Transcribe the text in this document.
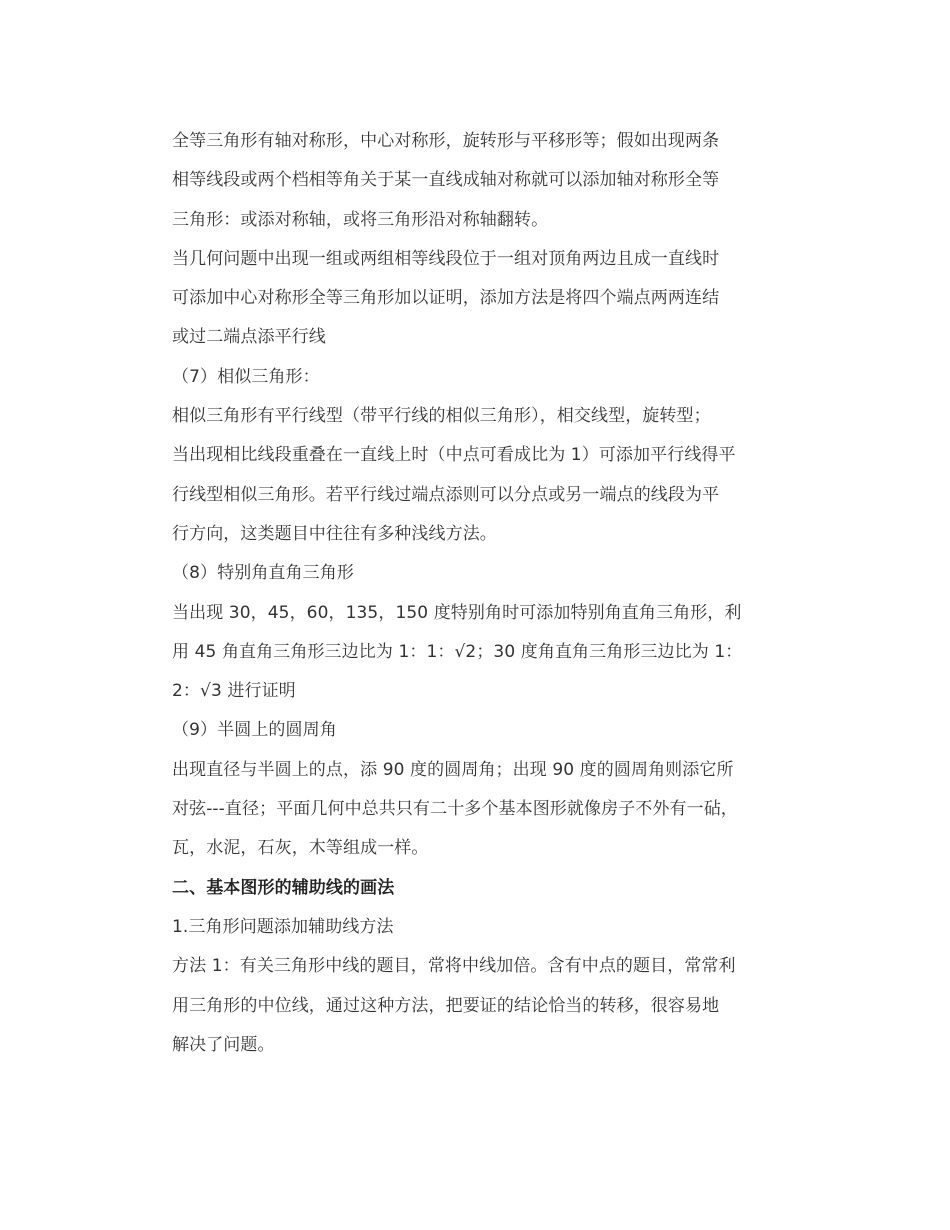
全等三角形有轴对称形，中心对称形，旋转形与平移形等；假如出现两条
相等线段或两个档相等角关于某一直线成轴对称就可以添加轴对称形全等
三角形：或添对称轴，或将三角形沿对称轴翻转。
当几何问题中出现一组或两组相等线段位于一组对顶角两边且成一直线时
可添加中心对称形全等三角形加以证明，添加方法是将四个端点两两连结
或过二端点添平行线
（7）相似三角形：
相似三角形有平行线型（带平行线的相似三角形），相交线型，旋转型；
当出现相比线段重叠在一直线上时（中点可看成比为 1）可添加平行线得平
行线型相似三角形。若平行线过端点添则可以分点或另一端点的线段为平
行方向，这类题目中往往有多种浅线方法。
（8）特别角直角三角形
当出现 30，45，60，135，150 度特别角时可添加特别角直角三角形，利
用 45 角直角三角形三边比为 1：1：√2；30 度角直角三角形三边比为 1：
2：√3 进行证明
（9）半圆上的圆周角
出现直径与半圆上的点，添 90 度的圆周角；出现 90 度的圆周角则添它所
对弦---直径；平面几何中总共只有二十多个基本图形就像房子不外有一砧，
瓦，水泥，石灰，木等组成一样。
二、基本图形的辅助线的画法
1.三角形问题添加辅助线方法
方法 1：有关三角形中线的题目，常将中线加倍。含有中点的题目，常常利
用三角形的中位线，通过这种方法，把要证的结论恰当的转移，很容易地
解决了问题。
